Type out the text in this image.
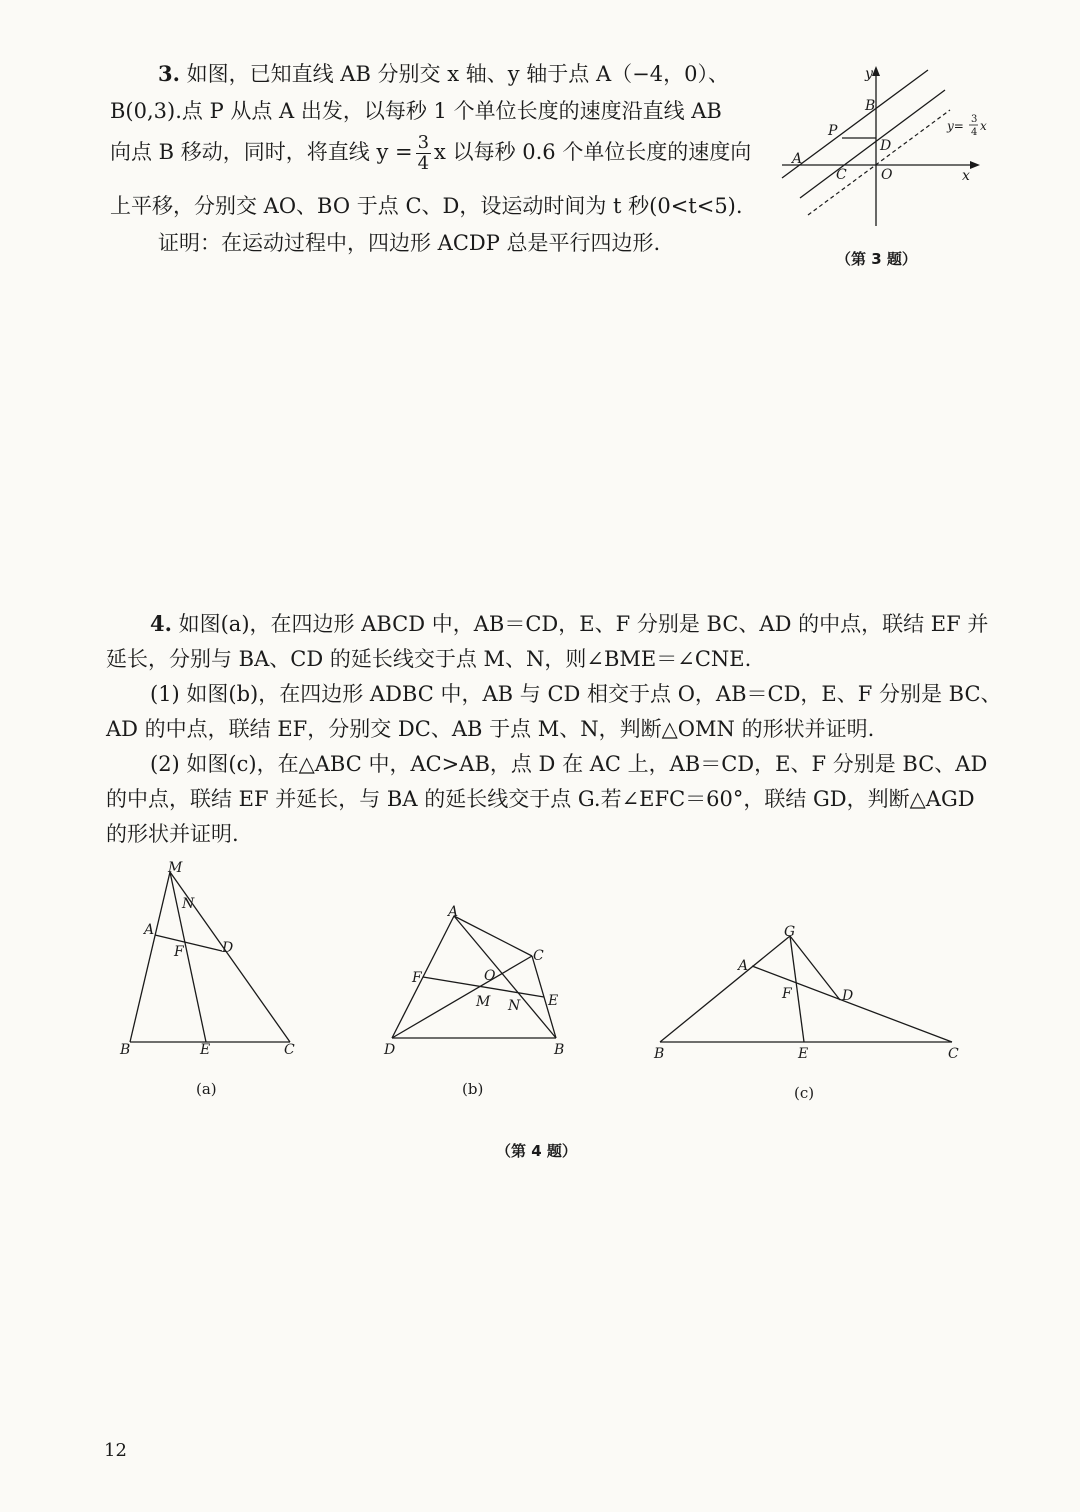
3. 如图，已知直线 AB 分别交 x 轴、y 轴于点 A（−4，0）、
B(0,3).点 P 从点 A 出发，以每秒 1 个单位长度的速度沿直线 AB
向点 B 移动，同时，将直线 $y = \frac{3}{4}$ x 以每秒 0.6 个单位长度的速度向
上平移，分别交 AO、BO 于点 C、D，设运动时间为 t 秒(0<t<5).
证明：在运动过程中，四边形 ACDP 总是平行四边形.
y
x
B
P
D
A
C O
y= 3
4 x
（第 3 题）
4. 如图(a)，在四边形 ABCD 中，AB＝CD，E、F 分别是 BC、AD 的中点，联结 EF 并
延长，分别与 BA、CD 的延长线交于点 M、N，则∠BME＝∠CNE.
(1) 如图(b)，在四边形 ADBC 中，AB 与 CD 相交于点 O，AB＝CD，E、F 分别是 BC、
AD 的中点，联结 EF，分别交 DC、AB 于点 M、N，判断△OMN 的形状并证明.
(2) 如图(c)，在△ABC 中，AC>AB，点 D 在 AC 上，AB＝CD，E、F 分别是 BC、AD
的中点，联结 EF 并延长，与 BA 的延长线交于点 G.若∠EFC＝60°，联结 GD，判断△AGD
的形状并证明.
M
N
A
F	D
B	E	C
(a)
A
C
F	O
M N E
D	B
(b)
G
A
F	D
B	E	C
(c)
（第 4 题）
12
